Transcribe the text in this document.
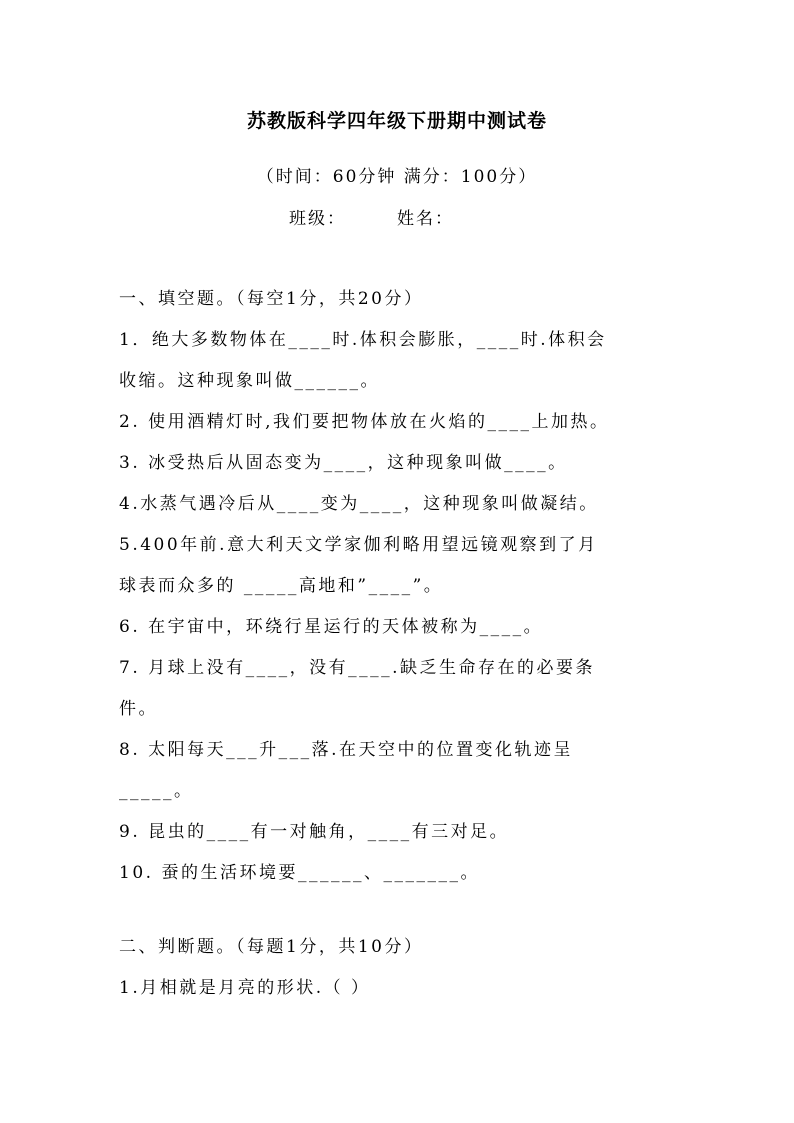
苏教版科学四年级下册期中测试卷
（时间：60分钟 满分：100分）
班级：	姓名：
一、填空题。（每空1分，共20分）
1．绝大多数物体在____时.体积会膨胀，____时.体积会
收缩。这种现象叫做______。
2. 使用酒精灯时,我们要把物体放在火焰的____上加热。
3. 冰受热后从固态变为____，这种现象叫做____。
4.水蒸气遇冷后从____变为____，这种现象叫做凝结。
5.400年前.意大利天文学家伽利略用望远镜观察到了月
球表而众多的 _____高地和”____”。
6. 在宇宙中，环绕行星运行的天体被称为____。
7. 月球上没有____，没有____.缺乏生命存在的必要条
件。
8. 太阳每天___升___落.在天空中的位置变化轨迹呈
_____。
9. 昆虫的____有一对触角，____有三对足。
10. 蚕的生活环境要______、_______。
二、判断题。（每题1分，共10分）
1.月相就是月亮的形状.（ ）
